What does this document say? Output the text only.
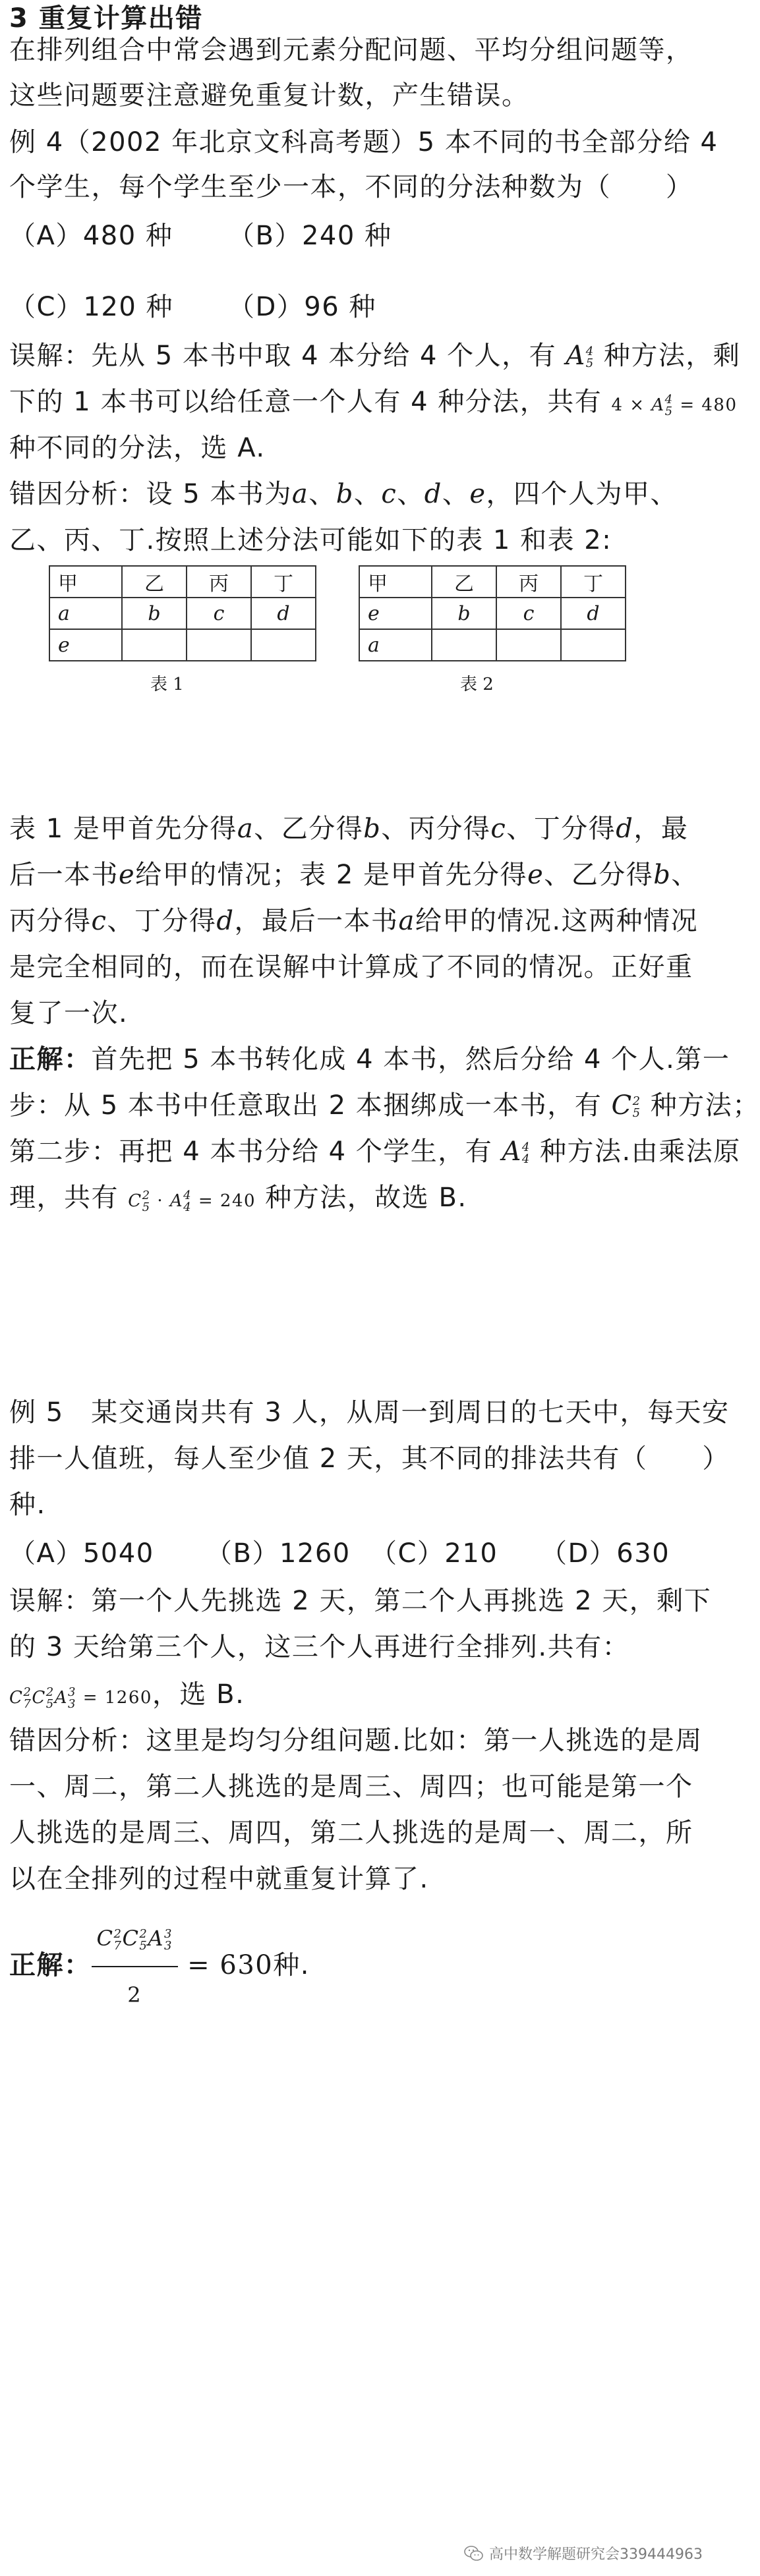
3 重复计算出错
在排列组合中常会遇到元素分配问题、平均分组问题等，
这些问题要注意避免重复计数，产生错误。
例 4（2002 年北京文科高考题）5 本不同的书全部分给 4
个学生，每个学生至少一本，不同的分法种数为（　　）
（A）480 种 （B）240 种
（C）120 种 （D）96 种
误解：先从 5 本书中取 4 本分给 4 个人，有 A 4
5 种方法，剩
下的 1 本书可以给任意一个人有 4 种分法，共有 4 × A 4
5 = 480
种不同的分法，选 A.
错因分析：设 5 本书为a、b、c、d、e，四个人为甲、
乙、丙、丁.按照上述分法可能如下的表 1 和表 2:
甲	乙	丙	丁
a	b	c	d
e			
表 1
甲	乙	丙	丁
e	b	c	d
a			
表 2
表 1 是甲首先分得a、乙分得b、丙分得c、丁分得d，最
后一本书e给甲的情况；表 2 是甲首先分得e、乙分得b、
丙分得c、丁分得d，最后一本书a给甲的情况.这两种情况
是完全相同的，而在误解中计算成了不同的情况。正好重
复了一次.
正解：首先把 5 本书转化成 4 本书，然后分给 4 个人.第一
步：从 5 本书中任意取出 2 本捆绑成一本书，有 C 2
5 种方法；
第二步：再把 4 本书分给 4 个学生，有 A 4
4 种方法.由乘法原
理，共有 C 2
5 · A 4
4 = 240 种方法，故选 B.
例 5　某交通岗共有 3 人，从周一到周日的七天中，每天安
排一人值班，每人至少值 2 天，其不同的排法共有（　　）
种.
（A）5040 （B）1260 （C）210 （D）630
误解：第一个人先挑选 2 天，第二个人再挑选 2 天，剩下
的 3 天给第三个人，这三个人再进行全排列.共有：
C 2
7 C 2
5 A 3
3 = 1260，选 B.
错因分析：这里是均匀分组问题.比如：第一人挑选的是周
一、周二，第二人挑选的是周三、周四；也可能是第一个
人挑选的是周三、周四，第二人挑选的是周一、周二，所
以在全排列的过程中就重复计算了.
正解： C 2
7 C 2
5 A 3
3
2 = 630种.
高中数学解题研究会339444963
